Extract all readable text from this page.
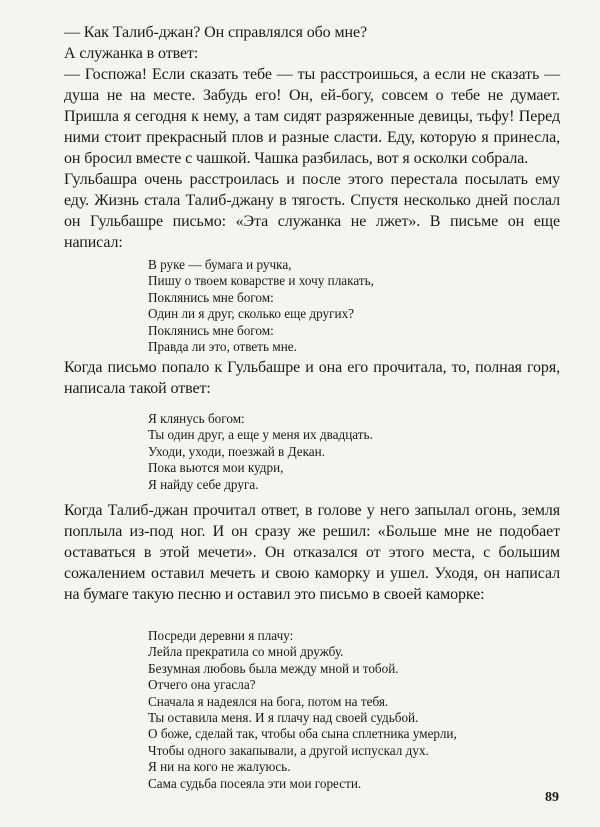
— Как Талиб-джан? Он справлялся обо мне?

А служанка в ответ:

— Госпожа! Если сказать тебе — ты расстроишься, а если не сказать — душа не на месте. Забудь его! Он, ей-богу, совсем о тебе не думает. Пришла я сегодня к нему, а там сидят разряженные девицы, тьфу! Перед ними стоит прекрасный плов и разные сласти. Еду, которую я принесла, он бросил вместе с чашкой. Чашка разбилась, вот я осколки собрала.

Гульбашра очень расстроилась и после этого перестала посылать ему еду. Жизнь стала Талиб-джану в тягость. Спустя несколько дней послал он Гульбашре письмо: «Эта служанка не лжет». В письме он еще написал:

В руке — бумага и ручка,
Пишу о твоем коварстве и хочу плакать,
Поклянись мне богом:
Один ли я друг, сколько еще других?
Поклянись мне богом:
Правда ли это, ответь мне.

Когда письмо попало к Гульбашре и она его прочитала, то, полная горя, написала такой ответ:

Я клянусь богом:
Ты один друг, а еще у меня их двадцать.
Уходи, уходи, поезжай в Декан.
Пока вьются мои кудри,
Я найду себе друга.

Когда Талиб-джан прочитал ответ, в голове у него запылал огонь, земля поплыла из-под ног. И он сразу же решил: «Больше мне не подобает оставаться в этой мечети». Он отказался от этого места, с большим сожалением оставил мечеть и свою каморку и ушел. Уходя, он написал на бумаге такую песню и оставил это письмо в своей каморке:

Посреди деревни я плачу:
Лейла прекратила со мной дружбу.
Безумная любовь была между мной и тобой.
Отчего она угасла?
Сначала я надеялся на бога, потом на тебя.
Ты оставила меня. И я плачу над своей судьбой.
О боже, сделай так, чтобы оба сына сплетника умерли,
Чтобы одного закапывали, а другой испускал дух.
Я ни на кого не жалуюсь.
Сама судьба посеяла эти мои горести.
89
